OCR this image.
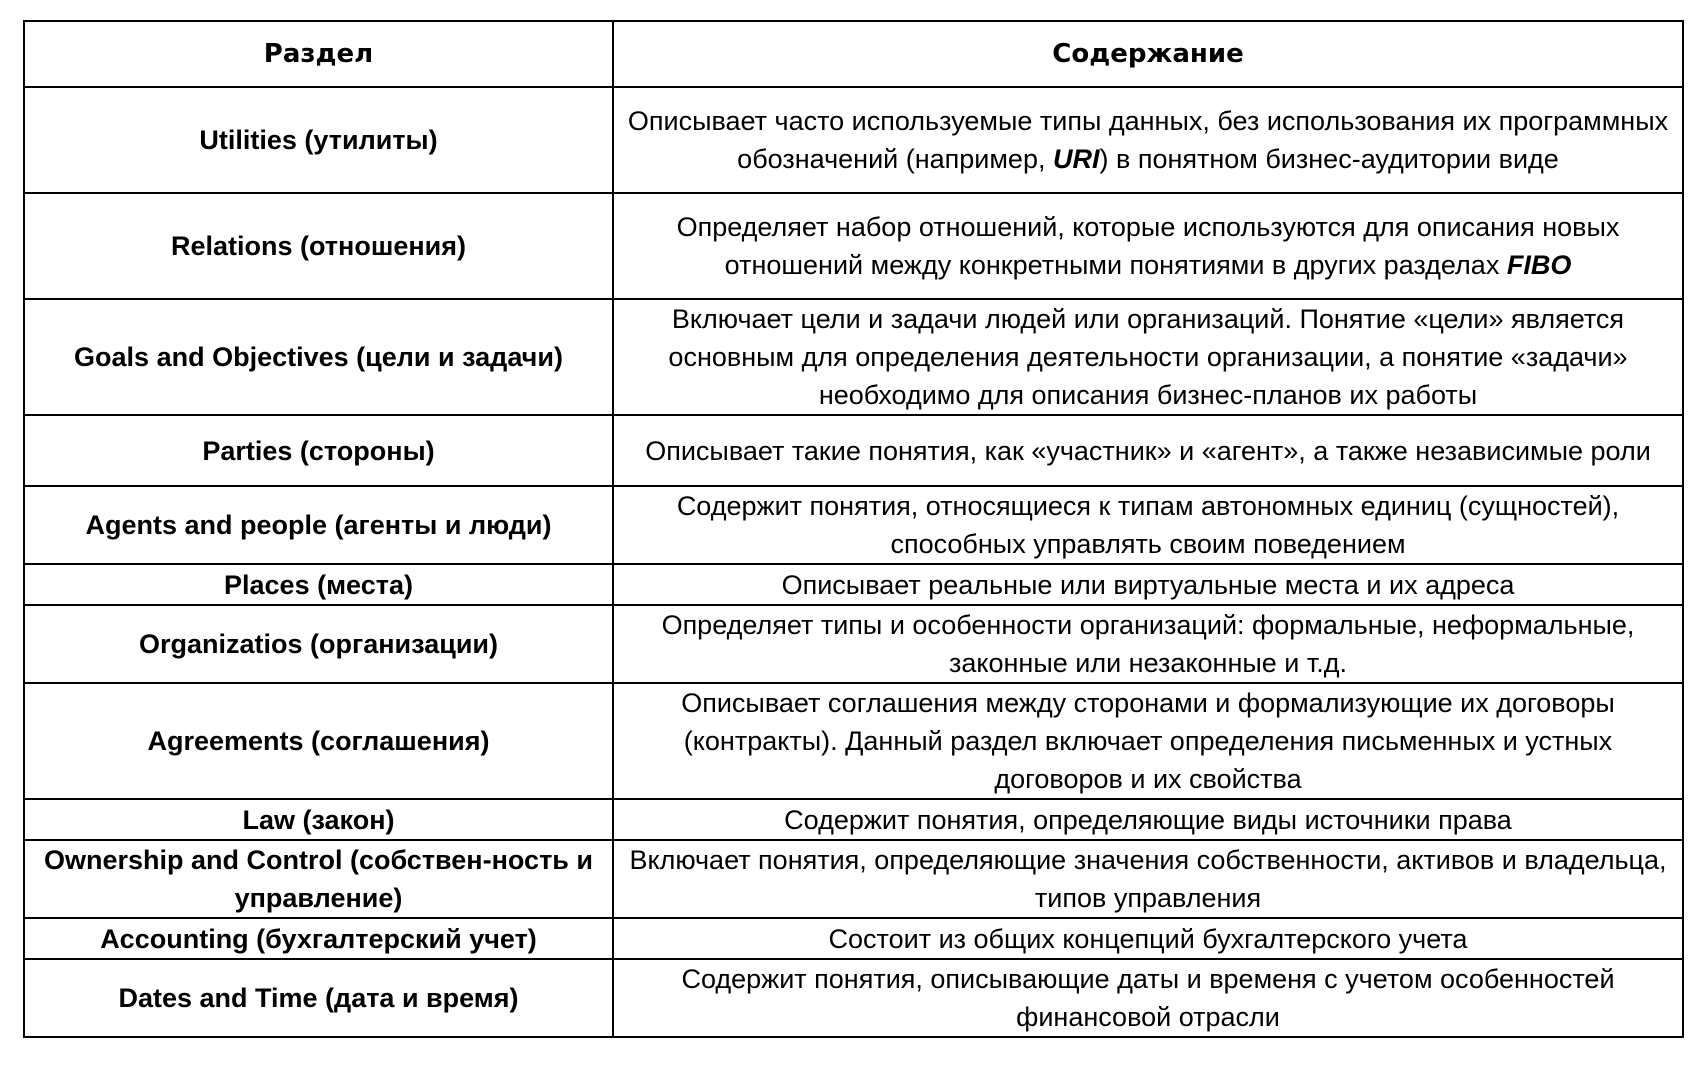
Раздел	Содержание
Utilities (утилиты)	Описывает часто используемые типы данных, без использования их программных обозначений (например, URI) в понятном бизнес-аудитории виде
Relations (отношения)	Определяет набор отношений, которые используются для описания новых отношений между конкретными понятиями в других разделах FIBO
Goals and Objectives (цели и задачи)	Включает цели и задачи людей или организаций. Понятие «цели» является основным для определения деятельности организации, а понятие «задачи» необходимо для описания бизнес-планов их работы
Parties (стороны)	Описывает такие понятия, как «участник» и «агент», а также независимые роли
Agents and people (агенты и люди)	Содержит понятия, относящиеся к типам автономных единиц (сущностей), способных управлять своим поведением
Places (места)	Описывает реальные или виртуальные места и их адреса
Organizatios (организации)	Определяет типы и особенности организаций: формальные, неформальные, законные или незаконные и т.д.
Agreements (соглашения)	Описывает соглашения между сторонами и формализующие их договоры (контракты). Данный раздел включает определения письменных и устных договоров и их свойства
Law (закон)	Содержит понятия, определяющие виды источники права
Ownership and Control (собствен-ность и управление)	Включает понятия, определяющие значения собственности, активов и владельца, типов управления
Accounting (бухгалтерский учет)	Состоит из общих концепций бухгалтерского учета
Dates and Time (дата и время)	Содержит понятия, описывающие даты и временя с учетом особенностей финансовой отрасли
